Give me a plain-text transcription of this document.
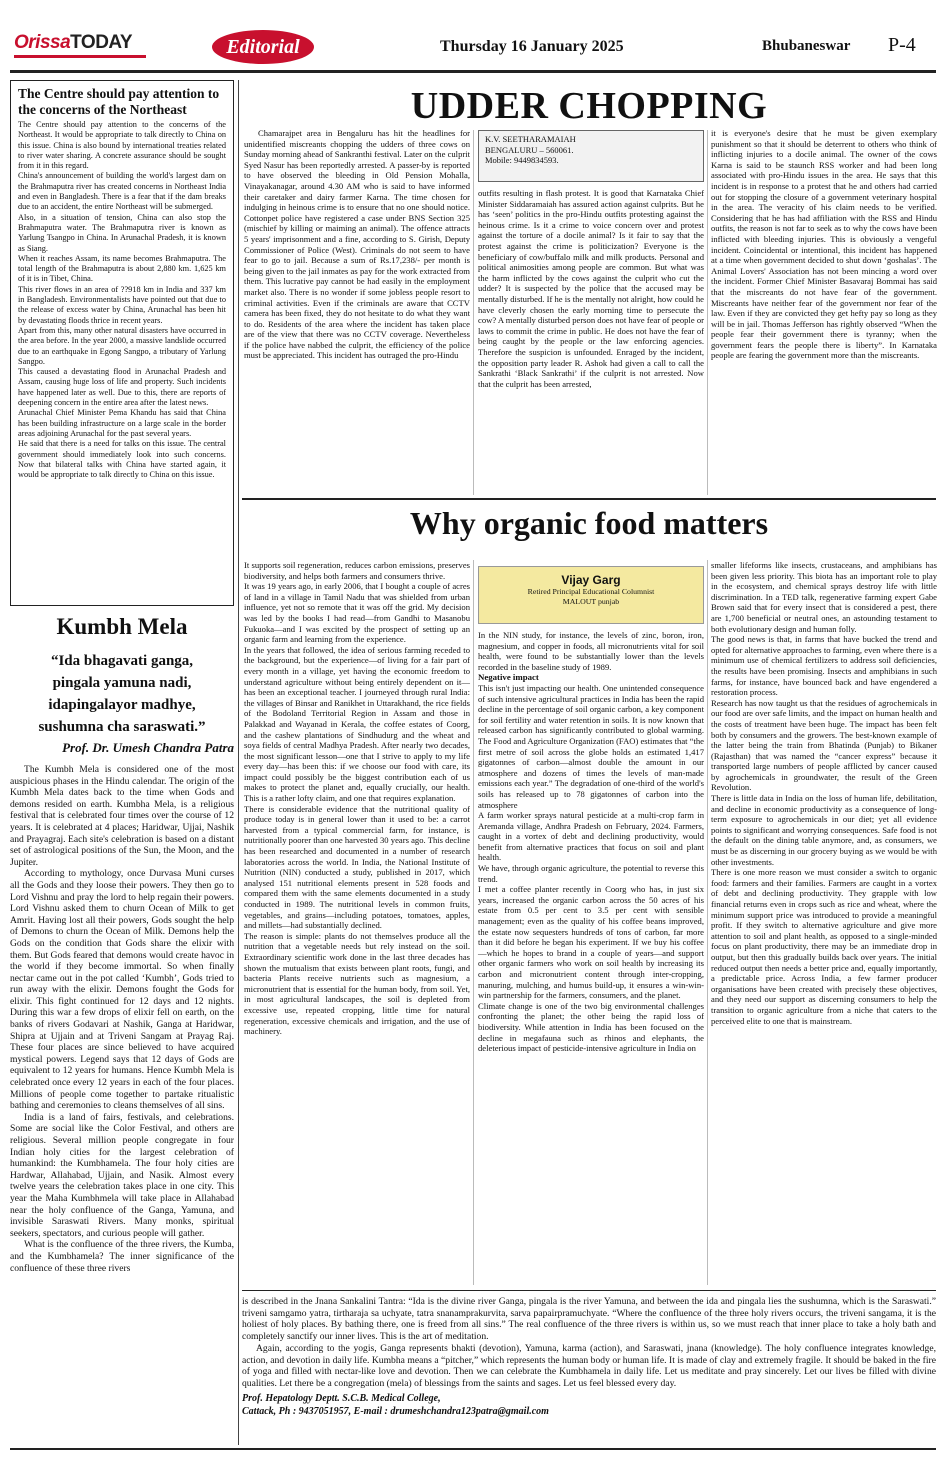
OrissaTODAY	Editorial	Thursday 16 January 2025	Bhubaneswar P-4
The Centre should pay attention to the concerns of the Northeast

The Centre should pay attention to the concerns of the Northeast. It would be appropriate to talk directly to China on this issue. China is also bound by international treaties related to river water sharing. A concrete assurance should be sought from it in this regard.

China's announcement of building the world's largest dam on the Brahmaputra river has created concerns in Northeast India and even in Bangladesh. There is a fear that if the dam breaks due to an accident, the entire Northeast will be submerged.

Also, in a situation of tension, China can also stop the Brahmaputra water. The Brahmaputra river is known as Yarlung Tsangpo in China. In Arunachal Pradesh, it is known as Siang.

When it reaches Assam, its name becomes Brahmaputra. The total length of the Brahmaputra is about 2,880 km. 1,625 km of it is in Tibet, China.

This river flows in an area of ??918 km in India and 337 km in Bangladesh. Environmentalists have pointed out that due to the release of excess water by China, Arunachal has been hit by devastating floods thrice in recent years.

Apart from this, many other natural disasters have occurred in the area before. In the year 2000, a massive landslide occurred due to an earthquake in Egong Sangpo, a tributary of Yarlung Sangpo.

This caused a devastating flood in Arunachal Pradesh and Assam, causing huge loss of life and property. Such incidents have happened later as well. Due to this, there are reports of deepening concern in the entire area after the latest news.

Arunachal Chief Minister Pema Khandu has said that China has been building infrastructure on a large scale in the border areas adjoining Arunachal for the past several years.

He said that there is a need for talks on this issue. The central government should immediately look into such concerns. Now that bilateral talks with China have started again, it would be appropriate to talk directly to China on this issue.

Kumbh Mela
“Ida bhagavati ganga,
pingala yamuna nadi,
idapingalayor madhye,
sushumna cha saraswati.”
Prof. Dr. Umesh Chandra Patra

The Kumbh Mela is considered one of the most auspicious phases in the Hindu calendar. The origin of the Kumbh Mela dates back to the time when Gods and demons resided on earth. Kumbha Mela, is a religious festival that is celebrated four times over the course of 12 years. It is celebrated at 4 places; Haridwar, Ujjai, Nashik and Prayagraj. Each site's celebration is based on a distant set of astrological positions of the Sun, the Moon, and the Jupiter.

According to mythology, once Durvasa Muni curses all the Gods and they loose their powers. They then go to Lord Vishnu and pray the lord to help regain their powers. Lord Vishnu asked them to churn Ocean of Milk to get Amrit. Having lost all their powers, Gods sought the help of Demons to churn the Ocean of Milk. Demons help the Gods on the condition that Gods share the elixir with them. But Gods feared that demons would create havoc in the world if they become immortal. So when finally nectar came out in the pot called ‘Kumbh’, Gods tried to run away with the elixir. Demons fought the Gods for elixir. This fight continued for 12 days and 12 nights. During this war a few drops of elixir fell on earth, on the banks of rivers Godavari at Nashik, Ganga at Haridwar, Shipra at Ujjain and at Triveni Sangam at Prayag Raj. These four places are since believed to have acquired mystical powers. Legend says that 12 days of Gods are equivalent to 12 years for humans. Hence Kumbh Mela is celebrated once every 12 years in each of the four places. Millions of people come together to partake ritualistic bathing and ceremonies to cleans themselves of all sins.

India is a land of fairs, festivals, and celebrations. Some are social like the Color Festival, and others are religious. Several million people congregate in four Indian holy cities for the largest celebration of humankind: the Kumbhamela. The four holy cities are Hardwar, Allahabad, Ujjain, and Nasik. Almost every twelve years the celebration takes place in one city. This year the Maha Kumbhmela will take place in Allahabad near the holy confluence of the Ganga, Yamuna, and invisible Saraswati Rivers. Many monks, spiritual seekers, spectators, and curious people will gather.

What is the confluence of the three rivers, the Kumba, and the Kumbhamela? The inner significance of the confluence of these three rivers

UDDER CHOPPING

Chamarajpet area in Bengaluru has hit the headlines for unidentified miscreants chopping the udders of three cows on Sunday morning ahead of Sankranthi festival. Later on the culprit Syed Nasur has been reportedly arrested. A passer-by is reported to have observed the bleeding in Old Pension Mohalla, Vinayakanagar, around 4.30 AM who is said to have informed their caretaker and dairy farmer Karna. The time chosen for indulging in heinous crime is to ensure that no one should notice. Cottonpet police have registered a case under BNS Section 325 (mischief by killing or maiming an animal). The offence attracts 5 years' imprisonment and a fine, according to S. Girish, Deputy Commissioner of Police (West). Criminals do not seem to have fear to go to jail. Because a sum of Rs.17,238/- per month is being given to the jail inmates as pay for the work extracted from them. This lucrative pay cannot be had easily in the employment market also. There is no wonder if some jobless people resort to criminal activities. Even if the criminals are aware that CCTV camera has been fixed, they do not hesitate to do what they want to do. Residents of the area where the incident has taken place are of the view that there was no CCTV coverage. Nevertheless if the police have nabbed the culprit, the efficiency of the police must be appreciated. This incident has outraged the pro-Hindu

K.V. SEETHARAMAIAH
BENGALURU – 560061.
Mobile: 9449834593.

outfits resulting in flash protest. It is good that Karnataka Chief Minister Siddaramaiah has assured action against culprits. But he has ‘seen’ politics in the pro-Hindu outfits protesting against the heinous crime. Is it a crime to voice concern over and protest against the torture of a docile animal? Is it fair to say that the protest against the crime is politicization? Everyone is the beneficiary of cow/buffalo milk and milk products. Personal and political animosities among people are common. But what was the harm inflicted by the cows against the culprit who cut the udder? It is suspected by the police that the accused may be mentally disturbed. If he is the mentally not alright, how could he have cleverly chosen the early morning time to persecute the cow? A mentally disturbed person does not have fear of people or laws to commit the crime in public. He does not have the fear of being caught by the people or the law enforcing agencies. Therefore the suspicion is unfounded. Enraged by the incident, the opposition party leader R. Ashok had given a call to call the Sankrathi ‘Black Sankrathi’ if the culprit is not arrested. Now that the culprit has been arrested,

it is everyone's desire that he must be given exemplary punishment so that it should be deterrent to others who think of inflicting injuries to a docile animal. The owner of the cows Karna is said to be staunch RSS worker and had been long associated with pro-Hindu issues in the area. He says that this incident is in response to a protest that he and others had carried out for stopping the closure of a government veterinary hospital in the area. The veracity of his claim needs to be verified. Considering that he has had affiliation with the RSS and Hindu outfits, the reason is not far to seek as to why the cows have been inflicted with bleeding injuries. This is obviously a vengeful incident. Coincidental or intentional, this incident has happened at a time when government decided to shut down ‘goshalas’. The Animal Lovers' Association has not been mincing a word over the incident. Former Chief Minister Basavaraj Bommai has said that the miscreants do not have fear of the government. Miscreants have neither fear of the government nor fear of the law. Even if they are convicted they get hefty pay so long as they will be in jail. Thomas Jefferson has rightly observed “When the people fear their government there is tyranny; when the government fears the people there is liberty”. In Karnataka people are fearing the government more than the miscreants.

Why organic food matters

It supports soil regeneration, reduces carbon emissions, preserves biodiversity, and helps both farmers and consumers thrive.

It was 19 years ago, in early 2006, that I bought a couple of acres of land in a village in Tamil Nadu that was shielded from urban influence, yet not so remote that it was off the grid. My decision was led by the books I had read—from Gandhi to Masanobu Fukuoka—and I was excited by the prospect of setting up an organic farm and learning from the experience.

In the years that followed, the idea of serious farming receded to the background, but the experience—of living for a fair part of every month in a village, yet having the economic freedom to understand agriculture without being entirely dependent on it—has been an exceptional teacher. I journeyed through rural India: the villages of Binsar and Ranikhet in Uttarakhand, the rice fields of the Bodoland Territorial Region in Assam and those in Palakkad and Wayanad in Kerala, the coffee estates of Coorg, and the cashew plantations of Sindhudurg and the wheat and soya fields of central Madhya Pradesh. After nearly two decades, the most significant lesson—one that I strive to apply to my life every day—has been this: if we choose our food with care, its impact could possibly be the biggest contribution each of us makes to protect the planet and, equally crucially, our health. This is a rather lofty claim, and one that requires explanation.

There is considerable evidence that the nutritional quality of produce today is in general lower than it used to be: a carrot harvested from a typical commercial farm, for instance, is nutritionally poorer than one harvested 30 years ago. This decline has been researched and documented in a number of research laboratories across the world. In India, the National Institute of Nutrition (NIN) conducted a study, published in 2017, which analysed 151 nutritional elements present in 528 foods and compared them with the same elements documented in a study conducted in 1989. The nutritional levels in common fruits, vegetables, and grains—including potatoes, tomatoes, apples, and millets—had substantially declined.

The reason is simple: plants do not themselves produce all the nutrition that a vegetable needs but rely instead on the soil. Extraordinary scientific work done in the last three decades has shown the mutualism that exists between plant roots, fungi, and bacteria Plants receive nutrients such as magnesium, a micronutrient that is essential for the human body, from soil. Yet, in most agricultural landscapes, the soil is depleted from excessive use, repeated cropping, little time for natural regeneration, excessive chemicals and irrigation, and the use of machinery.

Vijay Garg
Retired Principal Educational Columnist
MALOUT punjab

In the NIN study, for instance, the levels of zinc, boron, iron, magnesium, and copper in foods, all micronutrients vital for soil health, were found to be substantially lower than the levels recorded in the baseline study of 1989.

Negative impact

This isn't just impacting our health. One unintended consequence of such intensive agricultural practices in India has been the rapid decline in the percentage of soil organic carbon, a key component for soil fertility and water retention in soils. It is now known that released carbon has significantly contributed to global warming. The Food and Agriculture Organization (FAO) estimates that “the first metre of soil across the globe holds an estimated 1,417 gigatonnes of carbon—almost double the amount in our atmosphere and dozens of times the levels of man-made emissions each year.” The degradation of one-third of the world's soils has released up to 78 gigatonnes of carbon into the atmosphere

A farm worker sprays natural pesticide at a multi-crop farm in Aremanda village, Andhra Pradesh on February, 2024. Farmers, caught in a vortex of debt and declining productivity, would benefit from alternative practices that focus on soil and plant health.

We have, through organic agriculture, the potential to reverse this trend.

I met a coffee planter recently in Coorg who has, in just six years, increased the organic carbon across the 50 acres of his estate from 0.5 per cent to 3.5 per cent with sensible management; even as the quality of his coffee beans improved, the estate now sequesters hundreds of tons of carbon, far more than it did before he began his experiment. If we buy his coffee—which he hopes to brand in a couple of years—and support other organic farmers who work on soil health by increasing its carbon and micronutrient content through inter-cropping, manuring, mulching, and humus build-up, it ensures a win-win-win partnership for the farmers, consumers, and the planet.

Climate change is one of the two big environmental challenges confronting the planet; the other being the rapid loss of biodiversity. While attention in India has been focused on the decline in megafauna such as rhinos and elephants, the deleterious impact of pesticide-intensive agriculture in India on

smaller lifeforms like insects, crustaceans, and amphibians has been given less priority. This biota has an important role to play in the ecosystem, and chemical sprays destroy life with little discrimination. In a TED talk, regenerative farming expert Gabe Brown said that for every insect that is considered a pest, there are 1,700 beneficial or neutral ones, an astounding testament to both evolutionary design and human folly.

The good news is that, in farms that have bucked the trend and opted for alternative approaches to farming, even where there is a minimum use of chemical fertilizers to address soil deficiencies, the results have been promising. Insects and amphibians in such farms, for instance, have bounced back and have engendered a restoration process.

Research has now taught us that the residues of agrochemicals in our food are over safe limits, and the impact on human health and the costs of treatment have been huge. The impact has been felt both by consumers and the growers. The best-known example of the latter being the train from Bhatinda (Punjab) to Bikaner (Rajasthan) that was named the “cancer express” because it transported large numbers of people afflicted by cancer caused by agrochemicals in groundwater, the result of the Green Revolution.

There is little data in India on the loss of human life, debilitation, and decline in economic productivity as a consequence of long-term exposure to agrochemicals in our diet; yet all evidence points to significant and worrying consequences. Safe food is not the default on the dining table anymore, and, as consumers, we must be as discerning in our grocery buying as we would be with other investments.

There is one more reason we must consider a switch to organic food: farmers and their families. Farmers are caught in a vortex of debt and declining productivity. They grapple with low financial returns even in crops such as rice and wheat, where the minimum support price was introduced to provide a meaningful profit. If they switch to alternative agriculture and give more attention to soil and plant health, as opposed to a single-minded focus on plant productivity, there may be an immediate drop in output, but then this gradually builds back over years. The initial reduced output then needs a better price and, equally importantly, a predictable price. Across India, a few farmer producer organisations have been created with precisely these objectives, and they need our support as discerning consumers to help the transition to organic agriculture from a niche that caters to the perceived elite to one that is mainstream.

is described in the Jnana Sankalini Tantra: “Ida is the divine river Ganga, pingala is the river Yamuna, and between the ida and pingala lies the sushumna, which is the Saraswati.” triveni samgamo yatra, tirtharaja sa uchyate, tatra snanamprakurvita, sarva papairpramuchyate. “Where the confluence of the three holy rivers occurs, the triveni sangama, it is the holiest of holy places. By bathing there, one is freed from all sins.” The real confluence of the three rivers is within us, so we must reach that inner place to take a holy bath and completely sanctify our inner lives. This is the art of meditation.

Again, according to the yogis, Ganga represents bhakti (devotion), Yamuna, karma (action), and Saraswati, jnana (knowledge). The holy confluence integrates knowledge, action, and devotion in daily life. Kumbha means a “pitcher,” which represents the human body or human life. It is made of clay and extremely fragile. It should be baked in the fire of yoga and filled with nectar-like love and devotion. Then we can celebrate the Kumbhamela in daily life. Let us meditate and pray sincerely. Let our lives be filled with divine qualities. Let there be a congregation (mela) of blessings from the saints and sages. Let us feel blessed every day.

Prof. Hepatology Deptt. S.C.B. Medical College,
Cattack, Ph : 9437051957, E-mail : drumeshchandra123patra@gmail.com
